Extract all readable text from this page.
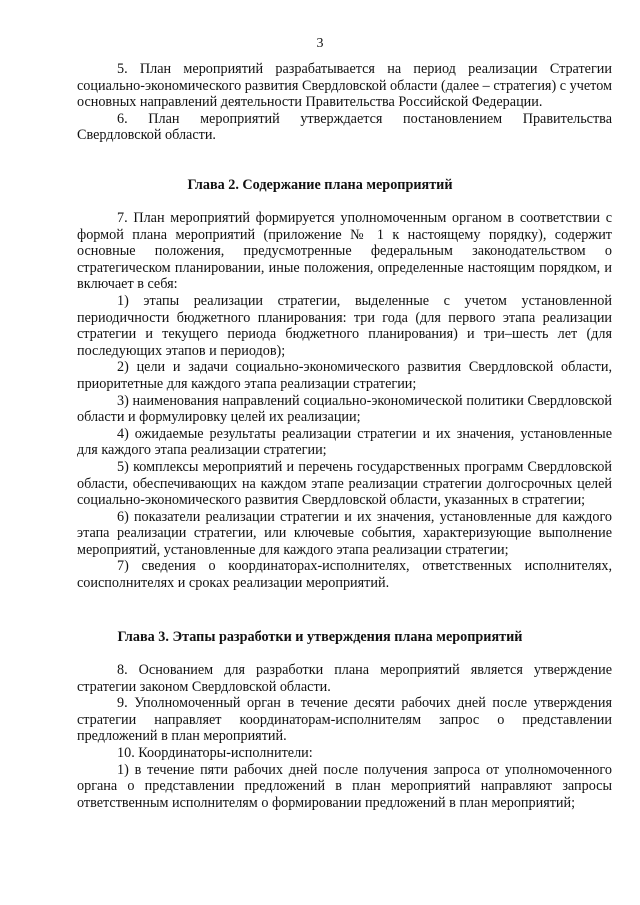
3

5. План мероприятий разрабатывается на период реализации Стратегии социально-экономического развития Свердловской области (далее – стратегия) с учетом основных направлений деятельности Правительства Российской Федерации.

6. План мероприятий утверждается постановлением Правительства Свердловской области.

Глава 2. Содержание плана мероприятий

7. План мероприятий формируется уполномоченным органом в соответствии с формой плана мероприятий (приложение № 1 к настоящему порядку), содержит основные положения, предусмотренные федеральным законодательством о стратегическом планировании, иные положения, определенные настоящим порядком, и включает в себя:

1) этапы реализации стратегии, выделенные с учетом установленной периодичности бюджетного планирования: три года (для первого этапа реализации стратегии и текущего периода бюджетного планирования) и три–шесть лет (для последующих этапов и периодов);

2) цели и задачи социально-экономического развития Свердловской области, приоритетные для каждого этапа реализации стратегии;

3) наименования направлений социально-экономической политики Свердловской области и формулировку целей их реализации;

4) ожидаемые результаты реализации стратегии и их значения, установленные для каждого этапа реализации стратегии;

5) комплексы мероприятий и перечень государственных программ Свердловской области, обеспечивающих на каждом этапе реализации стратегии долгосрочных целей социально-экономического развития Свердловской области, указанных в стратегии;

6) показатели реализации стратегии и их значения, установленные для каждого этапа реализации стратегии, или ключевые события, характеризующие выполнение мероприятий, установленные для каждого этапа реализации стратегии;

7) сведения о координаторах-исполнителях, ответственных исполнителях, соисполнителях и сроках реализации мероприятий.

Глава 3. Этапы разработки и утверждения плана мероприятий

8. Основанием для разработки плана мероприятий является утверждение стратегии законом Свердловской области.

9. Уполномоченный орган в течение десяти рабочих дней после утверждения стратегии направляет координаторам-исполнителям запрос о представлении предложений в план мероприятий.

10. Координаторы-исполнители:

1) в течение пяти рабочих дней после получения запроса от уполномоченного органа о представлении предложений в план мероприятий направляют запросы ответственным исполнителям о формировании предложений в план мероприятий;
